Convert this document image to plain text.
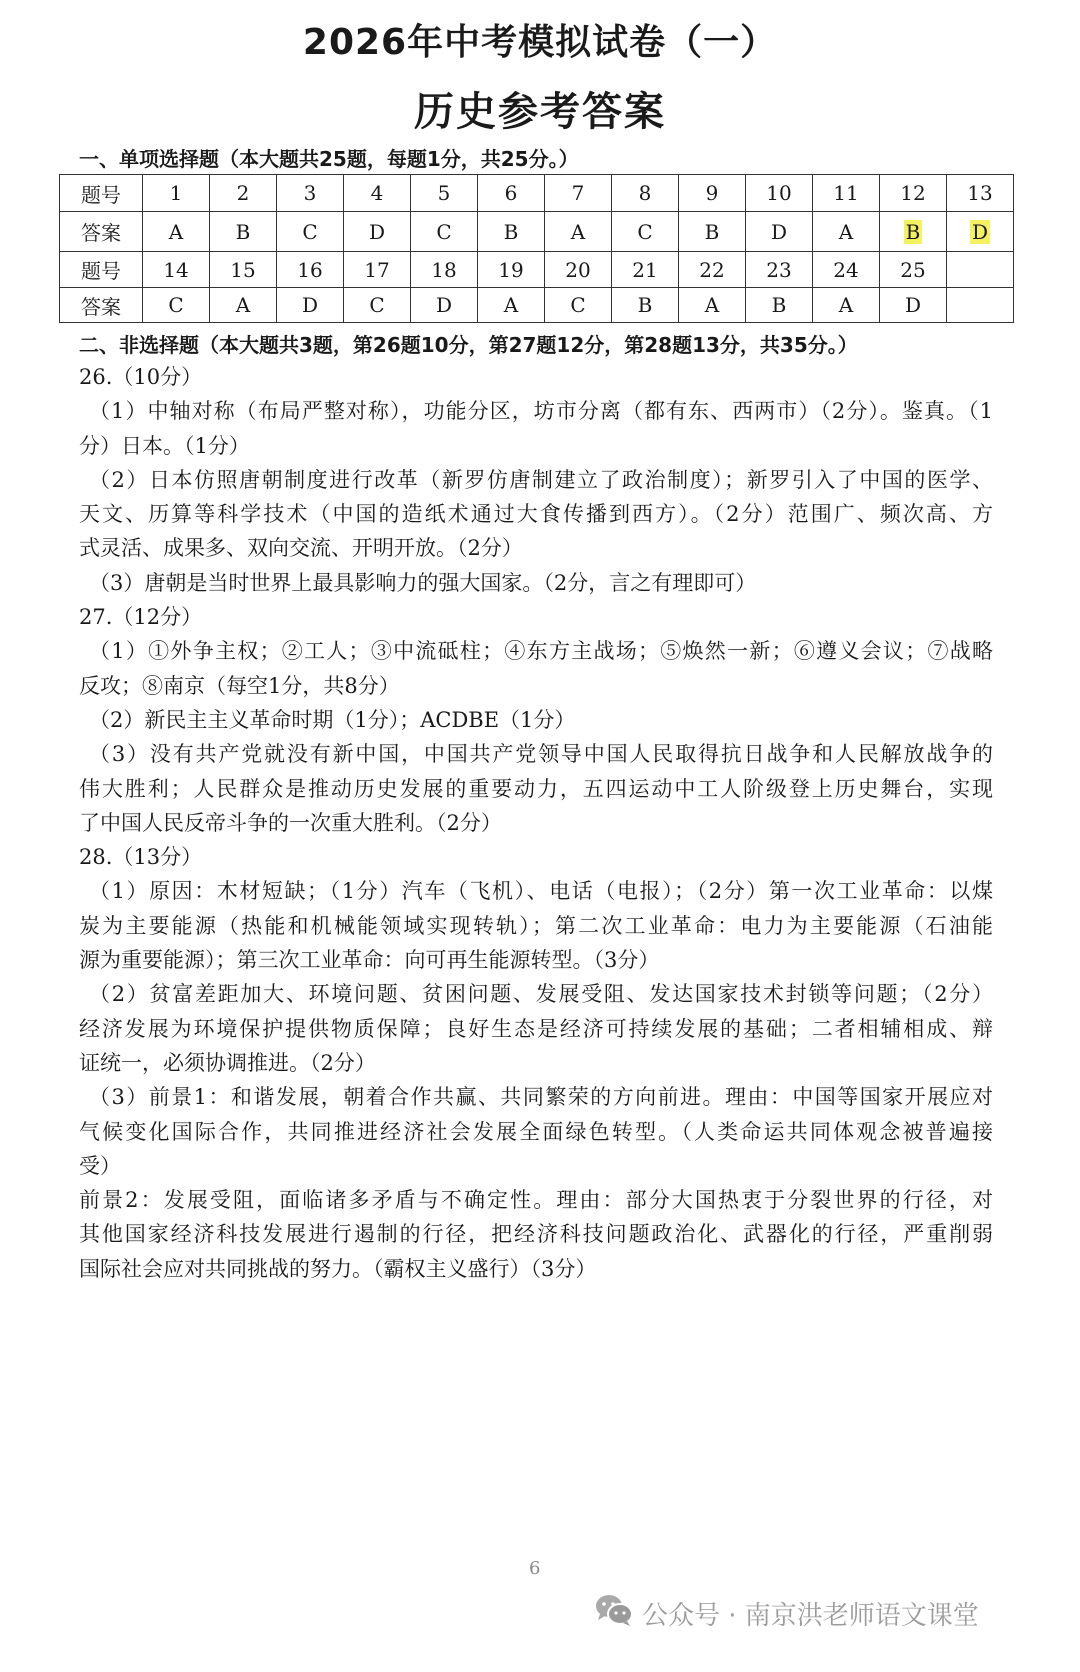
2026年中考模拟试卷（一）
历史参考答案
一、单项选择题（本大题共25题，每题1分，共25分。）
题号	1	2	3	4	5	6	7	8	9	10	11	12	13
答案	A	B	C	D	C	B	A	C	B	D	A	B	D
题号	14	15	16	17	18	19	20	21	22	23	24	25	
答案	C	A	D	C	D	A	C	B	A	B	A	D	
二、非选择题（本大题共3题，第26题10分，第27题12分，第28题13分，共35分。）
26.（10分）
（1）中轴对称（布局严整对称），功能分区，坊市分离（都有东、西两市）（2分）。鉴真。（1
分）日本。（1分）
（2）日本仿照唐朝制度进行改革（新罗仿唐制建立了政治制度）；新罗引入了中国的医学、
天文、历算等科学技术（中国的造纸术通过大食传播到西方）。（2分）范围广、频次高、方
式灵活、成果多、双向交流、开明开放。（2分）
（3）唐朝是当时世界上最具影响力的强大国家。（2分，言之有理即可）
27.（12分）
（1）①外争主权；②工人；③中流砥柱；④东方主战场；⑤焕然一新；⑥遵义会议；⑦战略
反攻；⑧南京（每空1分，共8分）
（2）新民主主义革命时期（1分）；ACDBE（1分）
（3）没有共产党就没有新中国，中国共产党领导中国人民取得抗日战争和人民解放战争的
伟大胜利；人民群众是推动历史发展的重要动力，五四运动中工人阶级登上历史舞台，实现
了中国人民反帝斗争的一次重大胜利。（2分）
28.（13分）
（1）原因：木材短缺；（1分）汽车（飞机）、电话（电报）；（2分）第一次工业革命：以煤
炭为主要能源（热能和机械能领域实现转轨）；第二次工业革命：电力为主要能源（石油能
源为重要能源）；第三次工业革命：向可再生能源转型。（3分）
（2）贫富差距加大、环境问题、贫困问题、发展受阻、发达国家技术封锁等问题；（2分）
经济发展为环境保护提供物质保障；良好生态是经济可持续发展的基础；二者相辅相成、辩
证统一，必须协调推进。（2分）
（3）前景1：和谐发展，朝着合作共赢、共同繁荣的方向前进。理由：中国等国家开展应对
气候变化国际合作，共同推进经济社会发展全面绿色转型。（人类命运共同体观念被普遍接
受）
前景2：发展受阻，面临诸多矛盾与不确定性。理由：部分大国热衷于分裂世界的行径，对
其他国家经济科技发展进行遏制的行径，把经济科技问题政治化、武器化的行径，严重削弱
国际社会应对共同挑战的努力。（霸权主义盛行）（3分）
6
公众号 · 南京洪老师语文课堂
